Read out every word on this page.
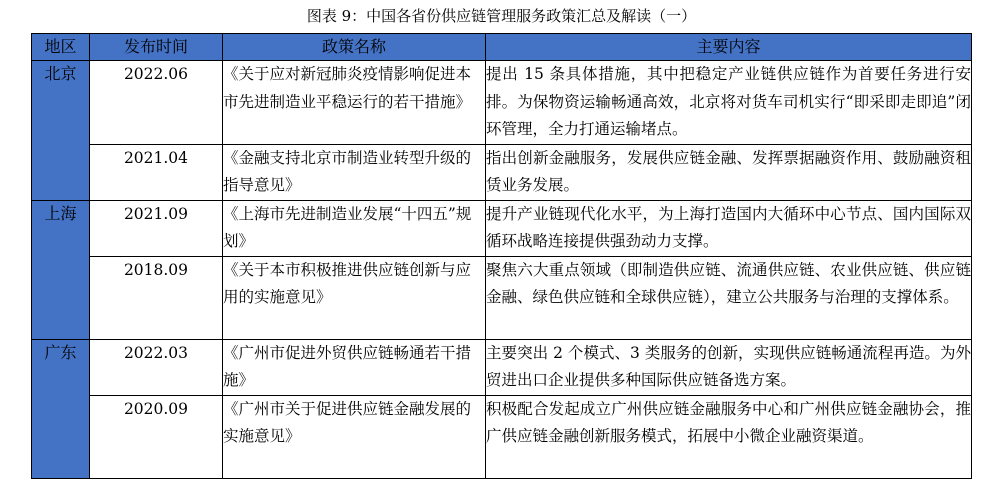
图表 9：中国各省份供应链管理服务政策汇总及解读（一）
地区	发布时间	政策名称	主要内容
北京	2022.06	《关于应对新冠肺炎疫情影响促进本市先进制造业平稳运行的若干措施》	提出 15 条具体措施，其中把稳定产业链供应链作为首要任务进行安排。为保物资运输畅通高效，北京将对货车司机实行“即采即走即追”闭环管理，全力打通运输堵点。
	2021.04	《金融支持北京市制造业转型升级的指导意见》	指出创新金融服务，发展供应链金融、发挥票据融资作用、鼓励融资租赁业务发展。
上海	2021.09	《上海市先进制造业发展“十四五”规划》	提升产业链现代化水平，为上海打造国内大循环中心节点、国内国际双循环战略连接提供强劲动力支撑。
	2018.09	《关于本市积极推进供应链创新与应用的实施意见》	聚焦六大重点领域（即制造供应链、流通供应链、农业供应链、供应链金融、绿色供应链和全球供应链），建立公共服务与治理的支撑体系。
广东	2022.03	《广州市促进外贸供应链畅通若干措施》	主要突出 2 个模式、3 类服务的创新，实现供应链畅通流程再造。为外贸进出口企业提供多种国际供应链备选方案。
	2020.09	《广州市关于促进供应链金融发展的实施意见》	积极配合发起成立广州供应链金融服务中心和广州供应链金融协会，推广供应链金融创新服务模式，拓展中小微企业融资渠道。
